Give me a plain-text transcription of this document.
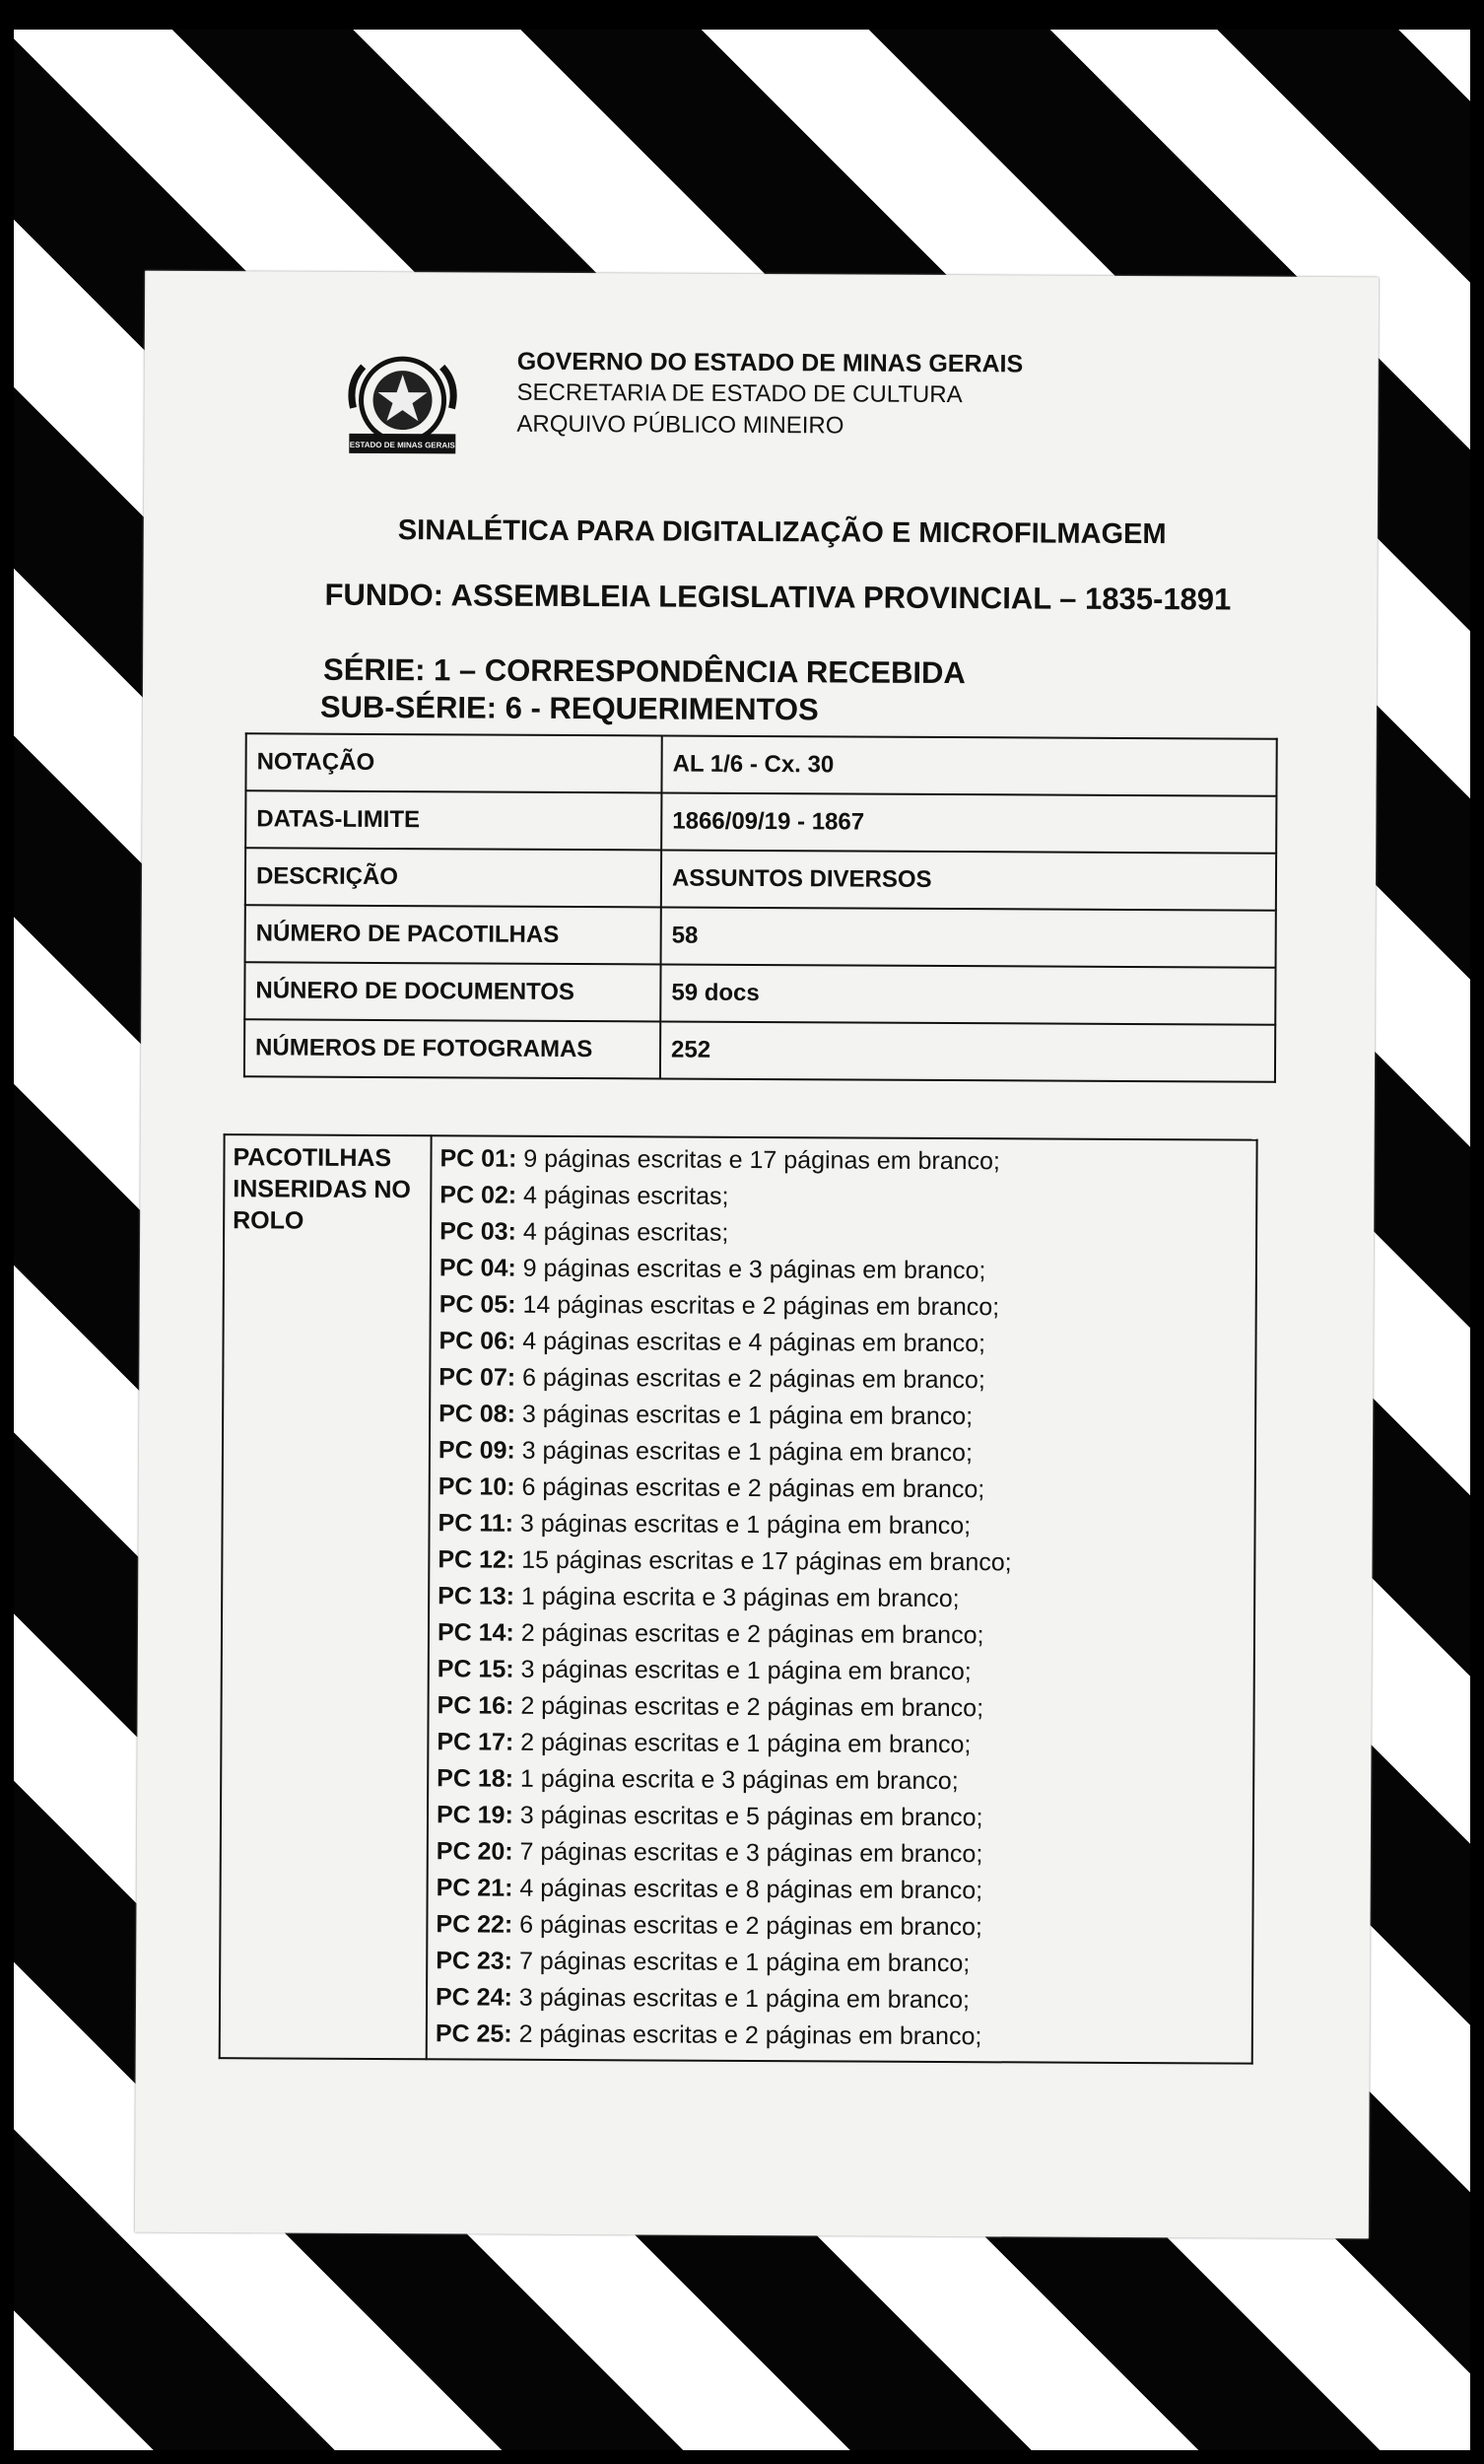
ESTADO DE MINAS GERAIS
GOVERNO DO ESTADO DE MINAS GERAIS
SECRETARIA DE ESTADO DE CULTURA
ARQUIVO PÚBLICO MINEIRO
SINALÉTICA PARA DIGITALIZAÇÃO E MICROFILMAGEM
FUNDO: ASSEMBLEIA LEGISLATIVA PROVINCIAL – 1835-1891
SÉRIE: 1 – CORRESPONDÊNCIA RECEBIDA
SUB-SÉRIE: 6 - REQUERIMENTOS
NOTAÇÃO	AL 1/6 - Cx. 30
DATAS-LIMITE	1866/09/19 - 1867
DESCRIÇÃO	ASSUNTOS DIVERSOS
NÚMERO DE PACOTILHAS	58
NÚNERO DE DOCUMENTOS	59 docs
NÚMEROS DE FOTOGRAMAS	252
PACOTILHAS
INSERIDAS NO
ROLO

PC 01: 9 páginas escritas e 17 páginas em branco;
PC 02: 4 páginas escritas;
PC 03: 4 páginas escritas;
PC 04: 9 páginas escritas e 3 páginas em branco;
PC 05: 14 páginas escritas e 2 páginas em branco;
PC 06: 4 páginas escritas e 4 páginas em branco;
PC 07: 6 páginas escritas e 2 páginas em branco;
PC 08: 3 páginas escritas e 1 página em branco;
PC 09: 3 páginas escritas e 1 página em branco;
PC 10: 6 páginas escritas e 2 páginas em branco;
PC 11: 3 páginas escritas e 1 página em branco;
PC 12: 15 páginas escritas e 17 páginas em branco;
PC 13: 1 página escrita e 3 páginas em branco;
PC 14: 2 páginas escritas e 2 páginas em branco;
PC 15: 3 páginas escritas e 1 página em branco;
PC 16: 2 páginas escritas e 2 páginas em branco;
PC 17: 2 páginas escritas e 1 página em branco;
PC 18: 1 página escrita e 3 páginas em branco;
PC 19: 3 páginas escritas e 5 páginas em branco;
PC 20: 7 páginas escritas e 3 páginas em branco;
PC 21: 4 páginas escritas e 8 páginas em branco;
PC 22: 6 páginas escritas e 2 páginas em branco;
PC 23: 7 páginas escritas e 1 página em branco;
PC 24: 3 páginas escritas e 1 página em branco;
PC 25: 2 páginas escritas e 2 páginas em branco;
